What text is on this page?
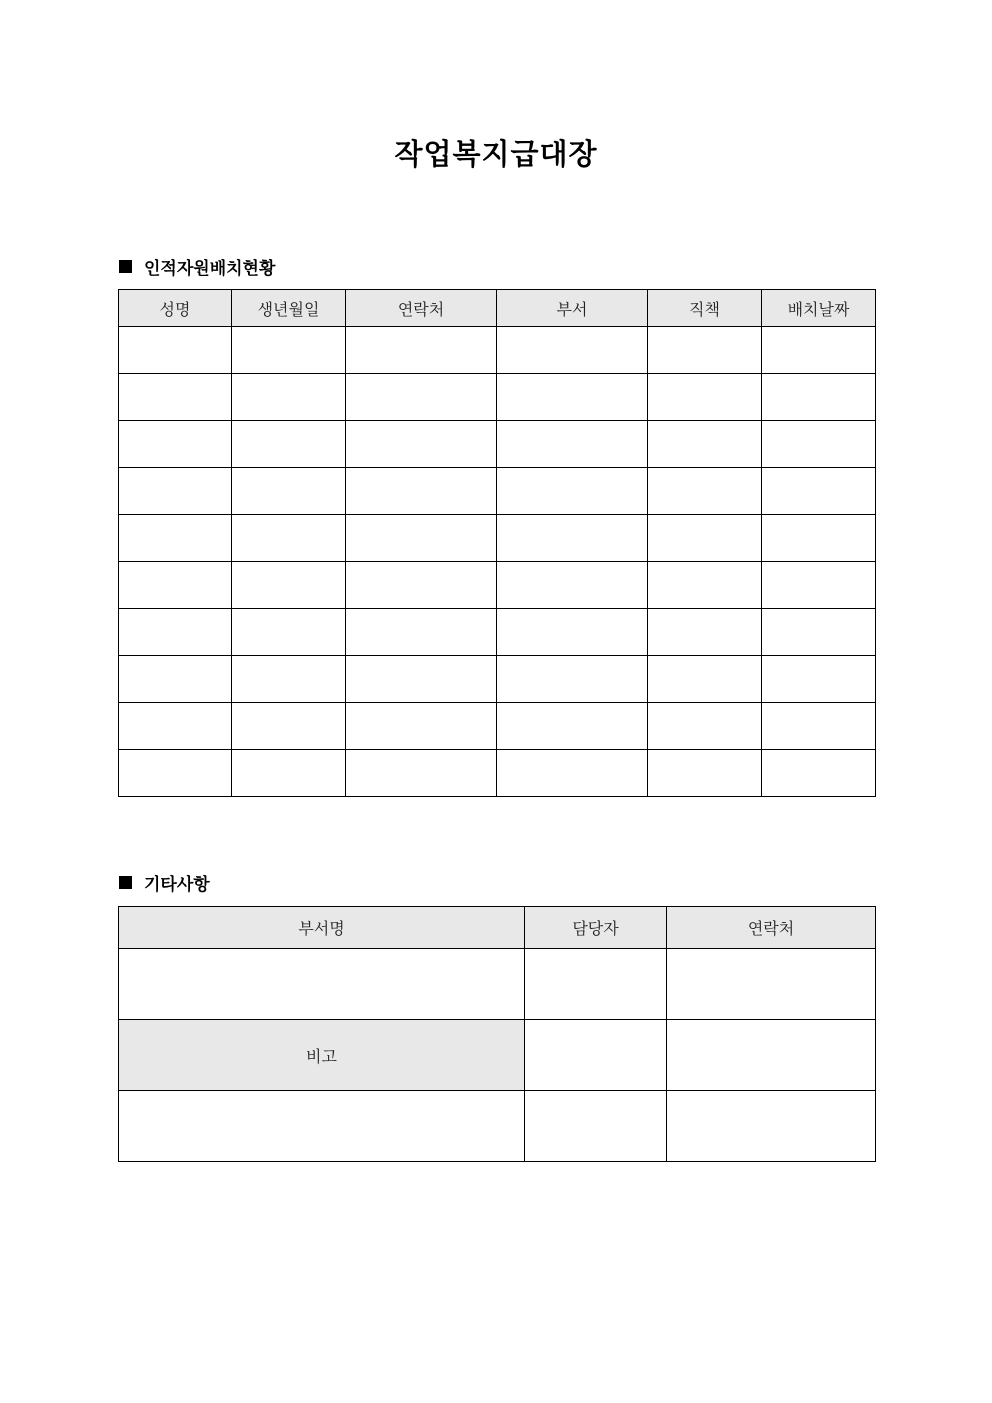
작업복지급대장
인적자원배치현황
성명	생년월일	연락처	부서	직책	배치날짜

기타사항
부서명	담당자	연락처

비고		
